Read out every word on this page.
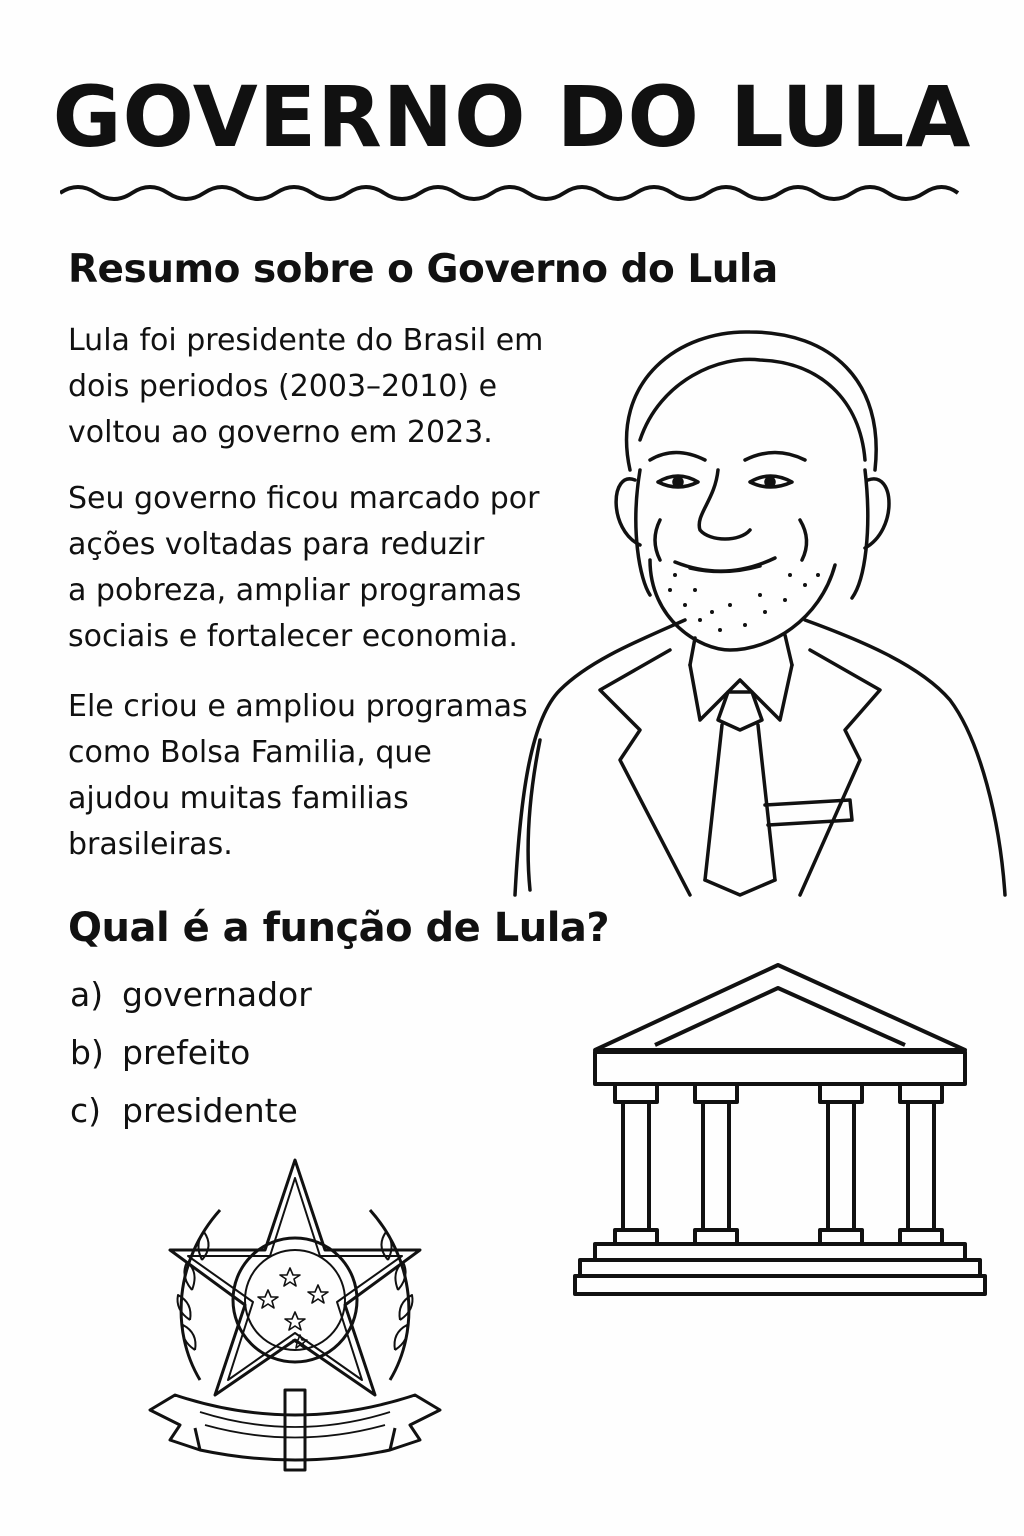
GOVERNO DO LULA
Resumo sobre o Governo do Lula
Lula foi presidente do Brasil em
dois periodos (2003–2010) e
voltou ao governo em 2023.
Seu governo ficou marcado por
ações voltadas para reduzir
a pobreza, ampliar programas
sociais e fortalecer economia.
Ele criou e ampliou programas
como Bolsa Familia, que
ajudou muitas familias
brasileiras.
Qual é a função de Lula?
a) governador
b) prefeito
c) presidente
